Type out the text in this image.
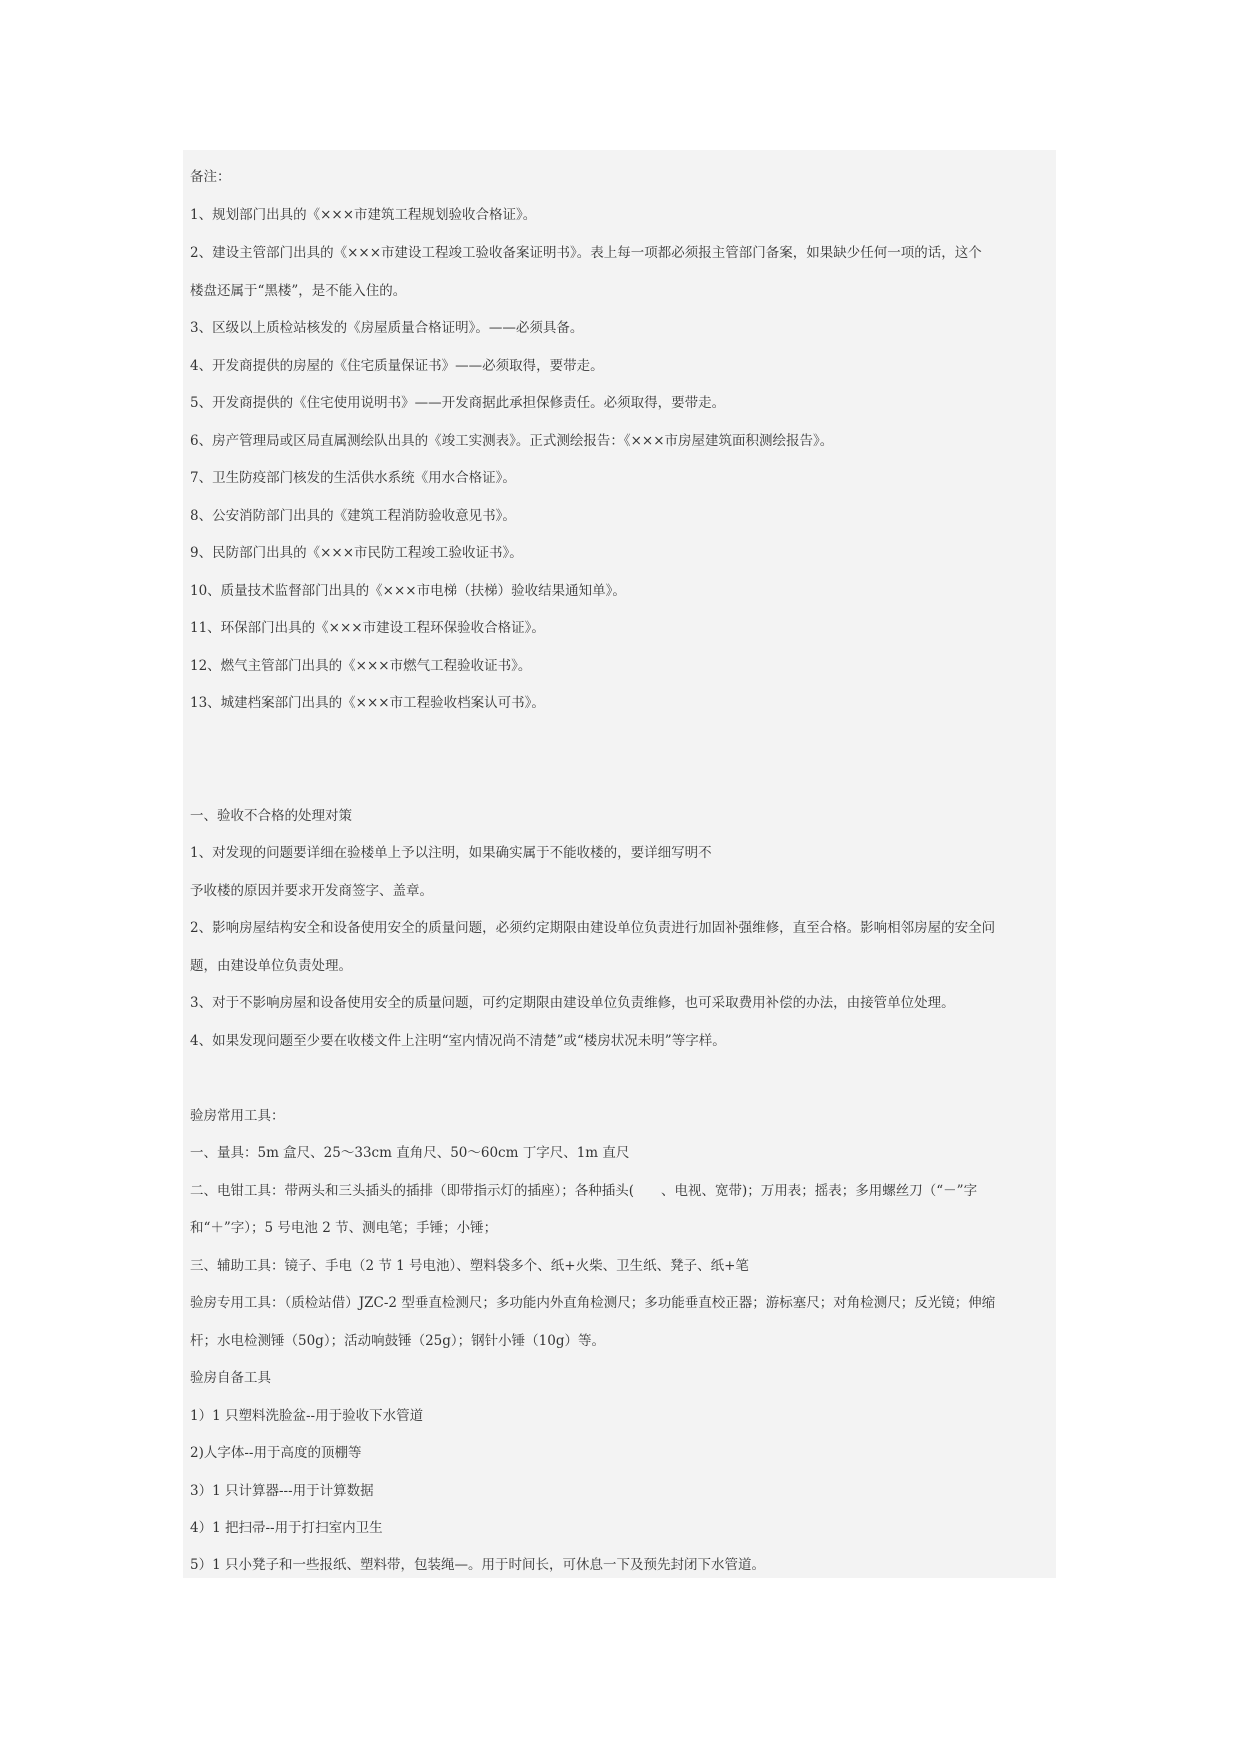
备注：
1、规划部门出具的《×××市建筑工程规划验收合格证》。
2、建设主管部门出具的《×××市建设工程竣工验收备案证明书》。表上每一项都必须报主管部门备案，如果缺少任何一项的话，这个
楼盘还属于“黑楼”，是不能入住的。
3、区级以上质检站核发的《房屋质量合格证明》。——必须具备。
4、开发商提供的房屋的《住宅质量保证书》——必须取得，要带走。
5、开发商提供的《住宅使用说明书》——开发商据此承担保修责任。必须取得，要带走。
6、房产管理局或区局直属测绘队出具的《竣工实测表》。正式测绘报告：《×××市房屋建筑面积测绘报告》。
7、卫生防疫部门核发的生活供水系统《用水合格证》。
8、公安消防部门出具的《建筑工程消防验收意见书》。
9、民防部门出具的《×××市民防工程竣工验收证书》。
10、质量技术监督部门出具的《×××市电梯（扶梯）验收结果通知单》。
11、环保部门出具的《×××市建设工程环保验收合格证》。
12、燃气主管部门出具的《×××市燃气工程验收证书》。
13、城建档案部门出具的《×××市工程验收档案认可书》。
一、验收不合格的处理对策
1、对发现的问题要详细在验楼单上予以注明，如果确实属于不能收楼的，要详细写明不
予收楼的原因并要求开发商签字、盖章。
2、影响房屋结构安全和设备使用安全的质量问题，必须约定期限由建设单位负责进行加固补强维修，直至合格。影响相邻房屋的安全问
题，由建设单位负责处理。
3、对于不影响房屋和设备使用安全的质量问题，可约定期限由建设单位负责维修，也可采取费用补偿的办法，由接管单位处理。
4、如果发现问题至少要在收楼文件上注明“室内情况尚不清楚”或“楼房状况未明”等字样。
验房常用工具：
一、量具：5m 盒尺、25～33cm 直角尺、50～60cm 丁字尺、1m 直尺
二、电钳工具：带两头和三头插头的插排（即带指示灯的插座）；各种插头(　　、电视、宽带)；万用表；摇表；多用螺丝刀（“－”字
和“＋”字）；5 号电池 2 节、测电笔；手锤；小锤；
三、辅助工具：镜子、手电（2 节 1 号电池）、塑料袋多个、纸+火柴、卫生纸、凳子、纸+笔
验房专用工具：（质检站借）JZC-2 型垂直检测尺；多功能内外直角检测尺；多功能垂直校正器；游标塞尺；对角检测尺；反光镜；伸缩
杆；水电检测锤（50g）；活动响鼓锤（25g）；钢针小锤（10g）等。
验房自备工具
1）1 只塑料洗脸盆--用于验收下水管道
2)人字体--用于高度的顶棚等
3）1 只计算器---用于计算数据
4）1 把扫帚--用于打扫室内卫生
5）1 只小凳子和一些报纸、塑料带，包装绳—。用于时间长，可休息一下及预先封闭下水管道。
